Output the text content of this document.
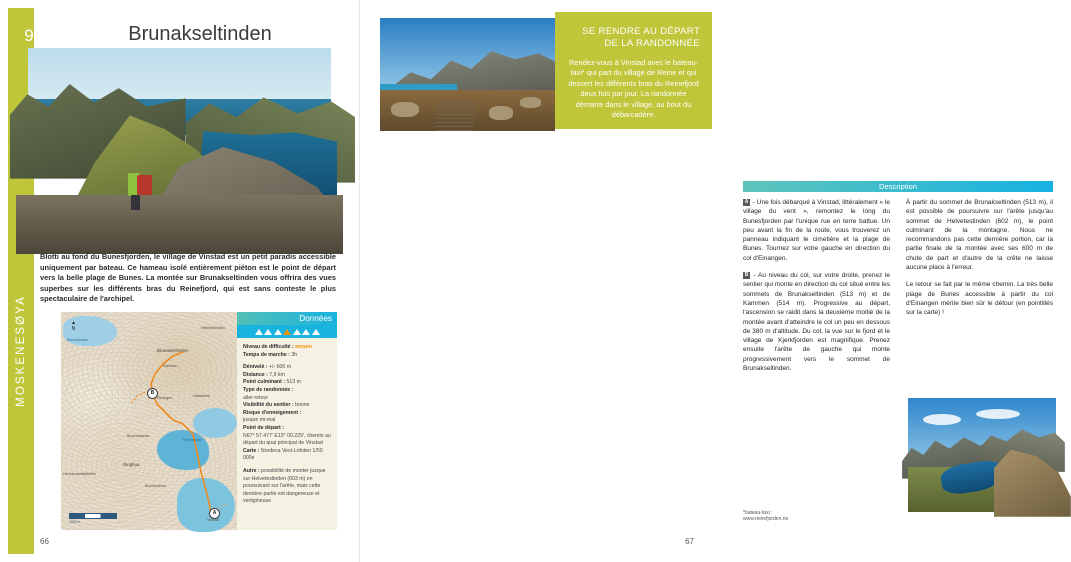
9
MOSKENESØYA
Brunakseltinden
Blotti au fond du Bunesfjorden, le village de Vinstad est un petit paradis accessible uniquement par bateau. Ce hameau isolé entièrement piéton est le point de départ vers la belle plage de Bunes. La montée sur Brunakseltinden vous offrira des vues superbes sur les différents bras du Reinefjord, qui est sans conteste le plus spectaculaire de l'archipel.
▲
N
B
A
Bunesfjorden
Brunakseltinden
Kammen
Helvetestinden
Einangen
Bunesstranda
Ringhua
Buneshamna
Hermannsdalstinden
Kjerkfjorden
Dalstinden
Vinstad
1000 m
Données
Niveau de difficulté : moyen
Temps de marche : 3h
Dénivelé : +/- 600 m
Distance : 7,9 km
Point culminant : 513 m
Type de randonnée :
aller-retour
Visibilité du sentier : bonne
Risque d'enneigement :
jusque mi-mai
Point de départ :
N67° 57.477' E13° 00.229', chemin au départ du quai principal de Vinstad
Carte : Nordeca Vest-Lofoten 1/50 000e
Autre : possibilité de monter jusque sur Helvetestinden (603 m) en poursuivant sur l'arête, mais cette dernière partie est dangereuse et vertigineuse
66
SE RENDRE AU DÉPART
DE LA RANDONNÉE

Rendez-vous à Vinstad avec le bateau-taxi* qui part du village de Reine et qui dessert les différents bras du Reinefjord deux fois par jour. La randonnée démarre dans le village, au bout du débarcadère.

Description

A - Une fois débarqué à Vinstad, littéralement « le village du vent », remontez le long du Bunesfjorden par l'unique rue en terre battue. Un peu avant la fin de la route, vous trouverez un panneau indiquant le cimetière et la plage de Bunes. Tournez sur votre gauche en direction du col d'Einangen.

B - Au niveau du col, sur votre droite, prenez le sentier qui monte en direction du col situé entre les sommets de Brunakseltinden (513 m) et de Kammen (514 m). Progressive au départ, l'ascension se raidit dans la deuxième moitié de la montée avant d'atteindre le col un peu en dessous de 380 m d'altitude. Du col, la vue sur le fjord et le village de Kjerkfjorden est magnifique. Prenez ensuite l'arête de gauche qui monte progressivement vers le sommet de Brunakseltinden.

À partir du sommet de Brunakseltinden (513 m), il est possible de poursuivre sur l'arête jusqu'au sommet de Helvetestinden (602 m), le point culminant de la montagne. Nous ne recommandons pas cette dernière portion, car la partie finale de la montée avec ses 600 m de chute de part et d'autre de la crête ne laisse aucune place à l'erreur.

Le retour se fait par le même chemin. La très belle plage de Bunes accessible à partir du col d'Einangen mérite bien sûr le détour (en pointillés sur la carte) !

*bateau-taxi : www.reinefjorden.no
67
